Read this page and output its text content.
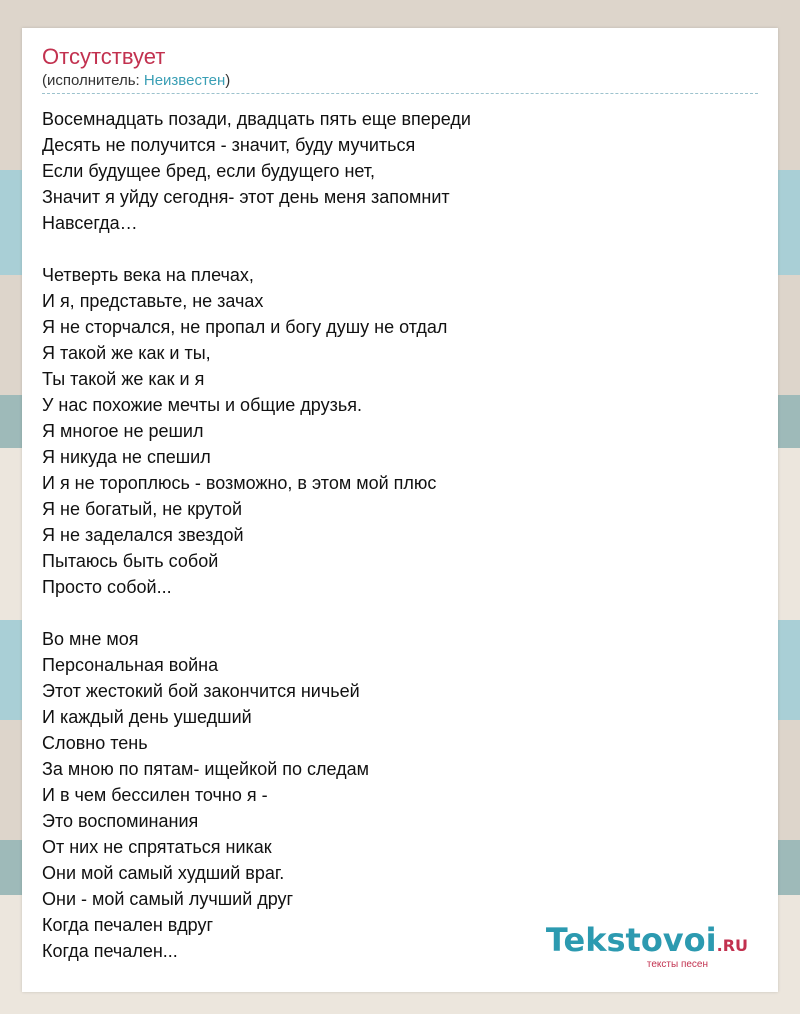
Отсутствует
(исполнитель: Неизвестен)
Восемнадцать позади, двадцать пять еще впереди
Десять не получится - значит, буду мучиться
Если будущее бред, если будущего нет,
Значит я уйду сегодня- этот день меня запомнит
Навсегда…
Четверть века на плечах,
И я, представьте, не зачах
Я не сторчался, не пропал и богу душу не отдал
Я такой же как и ты,
Ты такой же как и я
У нас похожие мечты и общие друзья.
Я многое не решил
Я никуда не спешил
И я не тороплюсь - возможно, в этом мой плюс
Я не богатый, не крутой
Я не заделался звездой
Пытаюсь быть собой
Просто собой...
Во мне моя
Персональная война
Этот жестокий бой закончится ничьей
И каждый день ушедший
Словно тень
За мною по пятам- ищейкой по следам
И в чем бессилен точно я -
Это воспоминания
От них не спрятаться никак
Они мой самый худший враг.
Они - мой самый лучший друг
Когда печален вдруг
Когда печален...	Tekstovoi.RU
тексты песен
